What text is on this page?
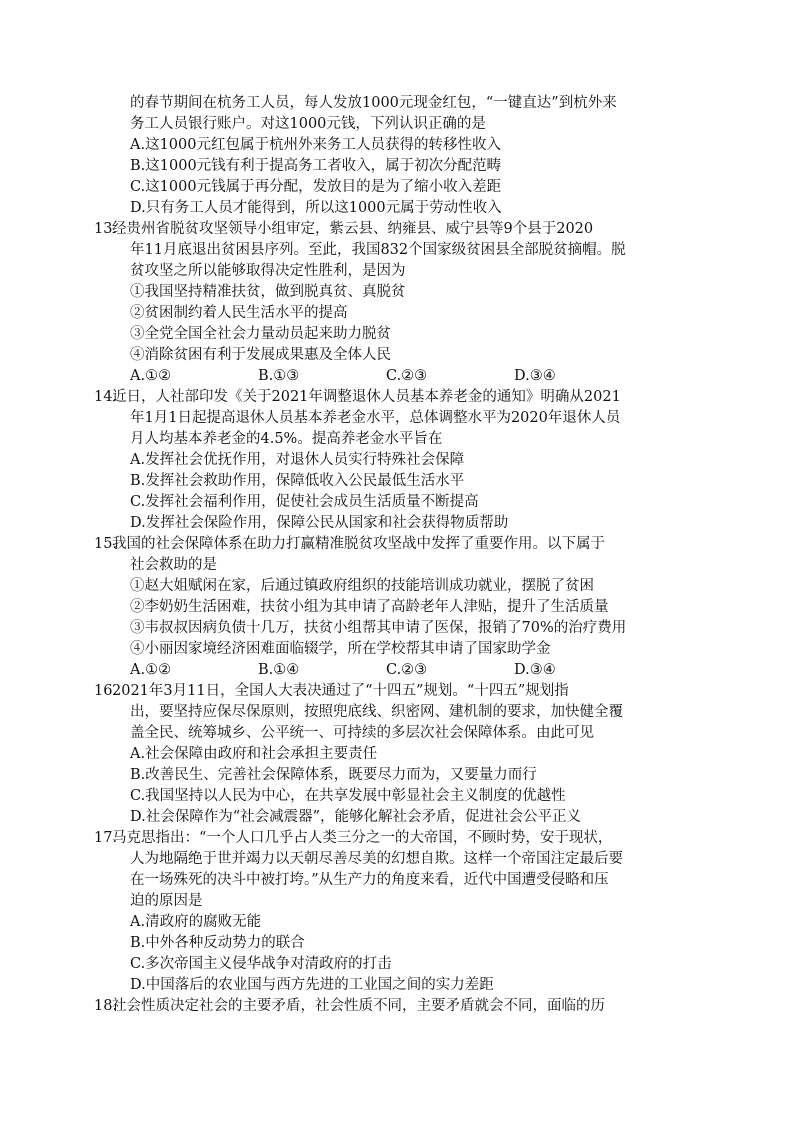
的春节期间在杭务工人员，每人发放1000元现金红包，“一键直达”到杭外来
务工人员银行账户。对这1000元钱，下列认识正确的是
A.这1000元红包属于杭州外来务工人员获得的转移性收入
B.这1000元钱有利于提高务工者收入，属于初次分配范畴
C.这1000元钱属于再分配，发放目的是为了缩小收入差距
D.只有务工人员才能得到，所以这1000元属于劳动性收入
13.
经贵州省脱贫攻坚领导小组审定，紫云县、纳雍县、威宁县等9个县于2020
年11月底退出贫困县序列。至此，我国832个国家级贫困县全部脱贫摘帽。脱
贫攻坚之所以能够取得决定性胜利，是因为
①我国坚持精准扶贫，做到脱真贫、真脱贫
②贫困制约着人民生活水平的提高
③全党全国全社会力量动员起来助力脱贫
④消除贫困有利于发展成果惠及全体人民
A.①②	B.①③	C.②③	D.③④
14.
近日，人社部印发《关于2021年调整退休人员基本养老金的通知》明确从2021
年1月1日起提高退休人员基本养老金水平，总体调整水平为2020年退休人员
月人均基本养老金的4.5%。提高养老金水平旨在
A.发挥社会优抚作用，对退休人员实行特殊社会保障
B.发挥社会救助作用，保障低收入公民最低生活水平
C.发挥社会福利作用，促使社会成员生活质量不断提高
D.发挥社会保险作用，保障公民从国家和社会获得物质帮助
15.
我国的社会保障体系在助力打赢精准脱贫攻坚战中发挥了重要作用。以下属于
社会救助的是
①赵大姐赋闲在家，后通过镇政府组织的技能培训成功就业，摆脱了贫困
②李奶奶生活困难，扶贫小组为其申请了高龄老年人津贴，提升了生活质量
③韦叔叔因病负债十几万，扶贫小组帮其申请了医保，报销了70%的治疗费用
④小丽因家境经济困难面临辍学，所在学校帮其申请了国家助学金
A.①②	B.①④	C.②③	D.③④
16.
2021年3月11日，全国人大表决通过了“十四五”规划。“十四五”规划指
出，要坚持应保尽保原则，按照兜底线、织密网、建机制的要求，加快健全覆
盖全民、统筹城乡、公平统一、可持续的多层次社会保障体系。由此可见
A.社会保障由政府和社会承担主要责任
B.改善民生、完善社会保障体系，既要尽力而为，又要量力而行
C.我国坚持以人民为中心，在共享发展中彰显社会主义制度的优越性
D.社会保障作为“社会减震器”，能够化解社会矛盾，促进社会公平正义
17.
马克思指出：“一个人口几乎占人类三分之一的大帝国，不顾时势，安于现状，
人为地隔绝于世并竭力以天朝尽善尽美的幻想自欺。这样一个帝国注定最后要
在一场殊死的决斗中被打垮。”从生产力的角度来看，近代中国遭受侵略和压
迫的原因是
A.清政府的腐败无能
B.中外各种反动势力的联合
C.多次帝国主义侵华战争对清政府的打击
D.中国落后的农业国与西方先进的工业国之间的实力差距
18.
社会性质决定社会的主要矛盾，社会性质不同，主要矛盾就会不同，面临的历
